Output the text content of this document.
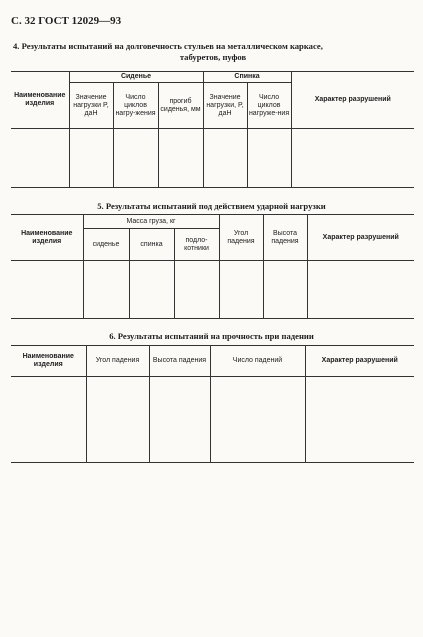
С. 32 ГОСТ 12029—93
4. Результаты испытаний на долговечность стульев на металлическом каркасе,
табуретов, пуфов
Наименование изделия	Сиденье			Спинка		Характер разрушений
	Значение нагрузки P, даН	Число циклов нагру-жения	прогиб сиденья, мм	Значение нагрузки, P, даН	Число циклов нагруже-ния	

5. Результаты испытаний под действием ударной нагрузки
Наименование изделия	Масса груза, кг			Угол падения	Высота падения	Характер разрушений
	сиденье	спинка	подло-котники			

6. Результаты испытаний на прочность при падении
Наименование изделия	Угол падения	Высота падения	Число падений	Характер разрушений
